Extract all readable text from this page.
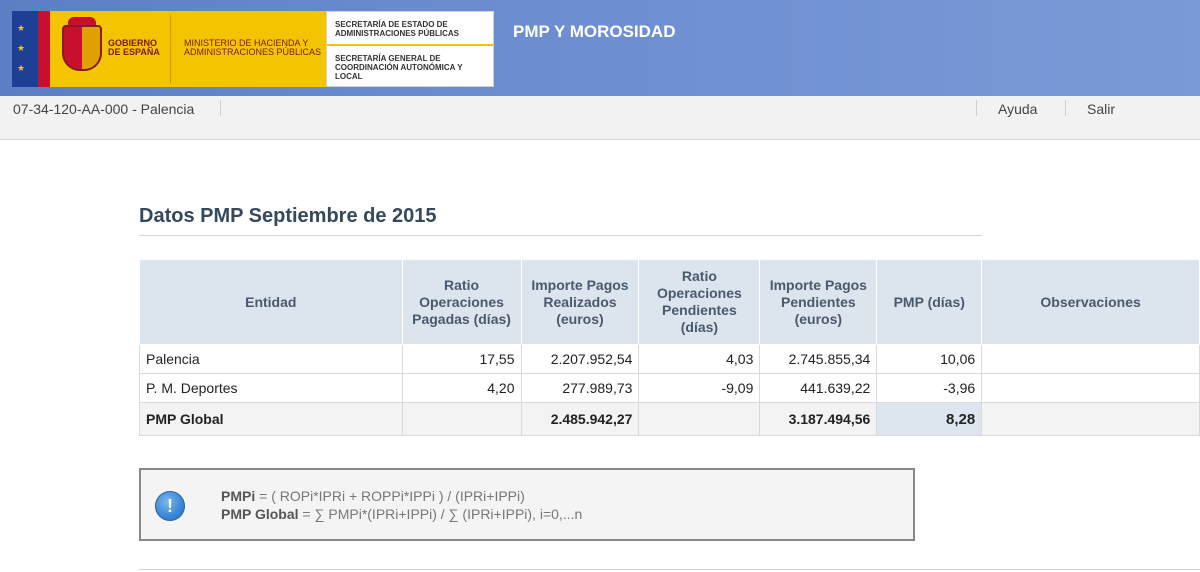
★
★
★
GOBIERNO DE ESPAÑA
MINISTERIO DE HACIENDA Y ADMINISTRACIONES PÚBLICAS
SECRETARÍA DE ESTADO DE ADMINISTRACIONES PÚBLICAS
SECRETARÍA GENERAL DE COORDINACIÓN AUTONÓMICA Y LOCAL
PMP Y MOROSIDAD
07-34-120-AA-000 - Palencia	Ayuda	Salir
Datos PMP Septiembre de 2015
Entidad	Ratio Operaciones Pagadas (días)	Importe Pagos Realizados (euros)	Ratio Operaciones Pendientes (días)	Importe Pagos Pendientes (euros)	PMP (días)	Observaciones
Palencia	17,55	2.207.952,54	4,03	2.745.855,34	10,06	
P. M. Deportes	4,20	277.989,73	-9,09	441.639,22	-3,96	
PMP Global		2.485.942,27		3.187.494,56	8,28	
!	PMPi = ( ROPi*IPRi + ROPPi*IPPi ) / (IPRi+IPPi)
PMP Global = ∑ PMPi*(IPRi+IPPi) / ∑ (IPRi+IPPi), i=0,...n
